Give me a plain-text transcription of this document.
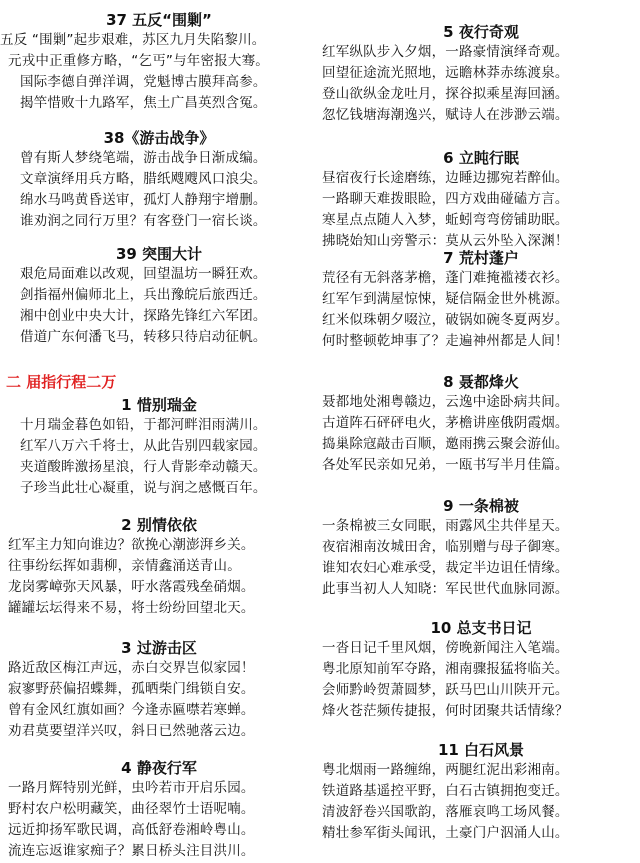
37 五反“围剿”
五反 “围剿”起步艰难，苏区九月失陷黎川。
元戎中正重修方略，“乞丐”与年密报大骞。
国际李德自弹洋调，党魁博古膜拜高参。
揭竿惜败十九路军，焦土广昌英烈含冤。
38《游击战争》
曾有斯人梦绕笔端，游击战争日渐成编。
文章演绎用兵方略，腊纸飕飕风口浪尖。
绵水马鸣黄昏送审，孤灯人静翔宇增删。
谁劝润之同行万里？有客登门一宿长谈。
39 突围大计
艰危局面难以改观，回望温坊一瞬狂欢。
剑指福州偏师北上，兵出豫皖后旅西迁。
湘中创业中央大计，探路先锋红六军团。
借道广东何潘飞马，转移只待启动征帆。
二 届指行程二万
1 惜别瑞金
十月瑞金暮色如铅，于都河畔泪雨满川。
红军八万六千将士，从此告别四载家园。
夹道酸眸激扬星浪，行人背影牵动赣天。
子珍当此壮心凝重，说与润之感慨百年。
2 别情依依
红军主力知向谁边？欲挽心潮澎湃乡关。
往事纷纭挥如翡柳，亲情鑫涌送青山。
龙岗雾嶂弥天风暴，吁水落霞残垒硝烟。
罐罐坛坛得来不易，将士纷纷回望北天。
3 过游击区
路近敌区梅江声远，赤白交界岂似家园！
寂寥野菸偏招蝶舞，孤晒柴门缉锁自安。
曾有金风红旗如画？今逢赤匾噤若寒蝉。
劝君莫要望洋兴叹，斜日已然驰落云边。
4 静夜行军
一路月辉特别光鲜，虫吟若市开启乐园。
野村农户松明藏笑，曲径翠竹士语呢喃。
远近抑扬军歌民调，高低舒卷湘岭粤山。
流连忘返谁家痴子？累日桥头注目洪川。
5 夜行奇观
红军纵队步入夕烟，一路豪情演绎奇观。
回望征途流光照地，远瞻林莽赤练渡泉。
登山欲纵金龙吐月，探谷拟乘星海回涵。
忽忆钱塘海潮逸兴，赋诗人在涉渺云端。
6 立盹行眠
昼宿夜行长途磨练，边睡边挪宛若醉仙。
一路聊天难拨眼睑，四方戏曲碰磕方言。
寒星点点随人入梦，蚯蚓弯弯傍铺助眠。
拂晓始知山旁警示：莫从云外坠入深渊！
7 荒村蓬户
荒径有无斜落茅檐，蓬门难掩褴褛衣衫。
红军乍到满屋惊悚，疑信隔金世外桃源。
红米似珠朝夕啜泣，破锅如碗冬夏两岁。
何时整顿乾坤事了？走遍神州都是人间！
8 聂都烽火
聂都地处湘粤赣边，云逸中途卧病共间。
古道阵石砰砰电火，茅檐讲座俄阴霞烟。
捣巢除寇敲击百顺，邀雨携云聚会游仙。
各处军民亲如兄弟，一瓯书写半月佳篇。
9 一条棉被
一条棉被三女同眠，雨露风尘共伴星天。
夜宿湘南汝城田舍，临别赠与母子御寒。
谁知农妇心难承受，裁定半边诅任情缘。
此事当初人人知晓：军民世代血脉同源。
10 总支书日记
一沓日记千里风烟，傍晚新闻注入笔端。
粤北原知前军夺路，湘南骤报猛将临关。
会师黔岭贺萧圆梦，跃马巴山川陕开元。
烽火苍茫频传捷报，何时团聚共话情缘？
11 白石风景
粤北烟雨一路缠绵，两腿红泥出彩湘南。
铁道路基遥控平野，白石古镇拥抱变迁。
清波舒卷兴国歌韵，落雁哀鸣工场风餐。
精壮参军街头闻讯，土豪门户泅涌人山。
